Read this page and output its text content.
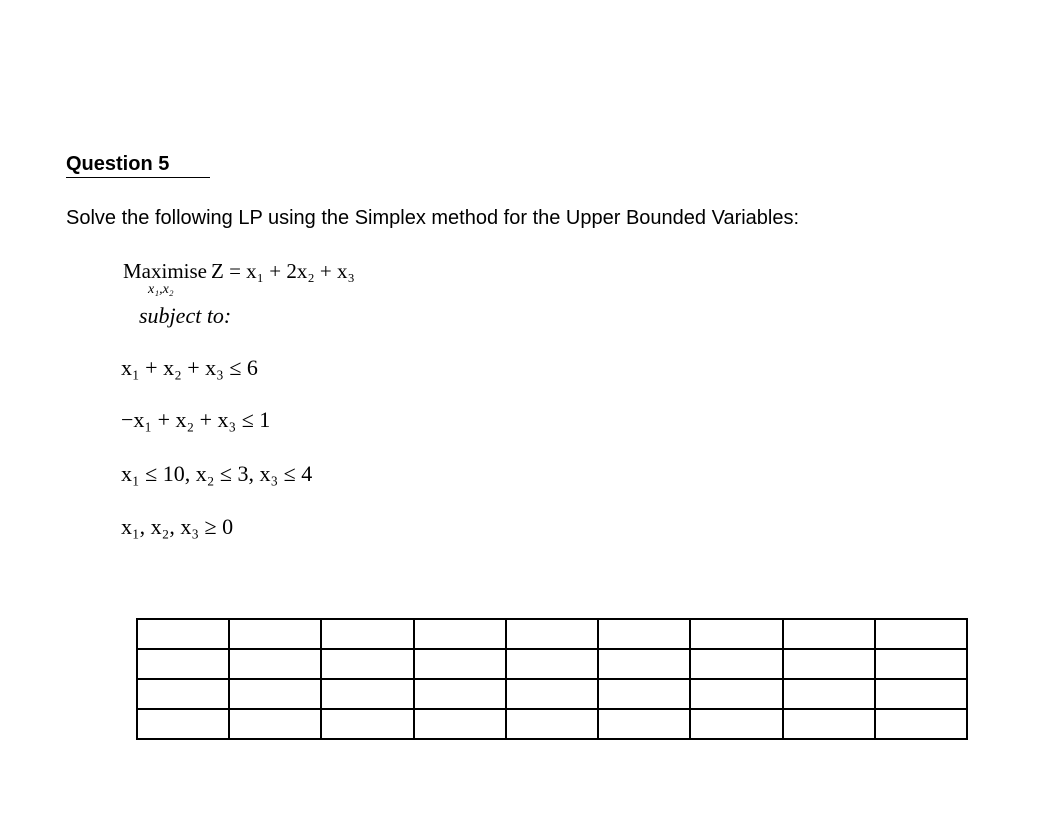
Question 5
Solve the following LP using the Simplex method for the Upper Bounded Variables:
Maximise Z = x₁ + 2x₂ + x₃
x₁,x₂
subject to:
x₁ + x₂ + x₃ ≤ 6
−x₁ + x₂ + x₃ ≤ 1
x₁ ≤ 10, x₂ ≤ 3, x₃ ≤ 4
x₁, x₂, x₃ ≥ 0
